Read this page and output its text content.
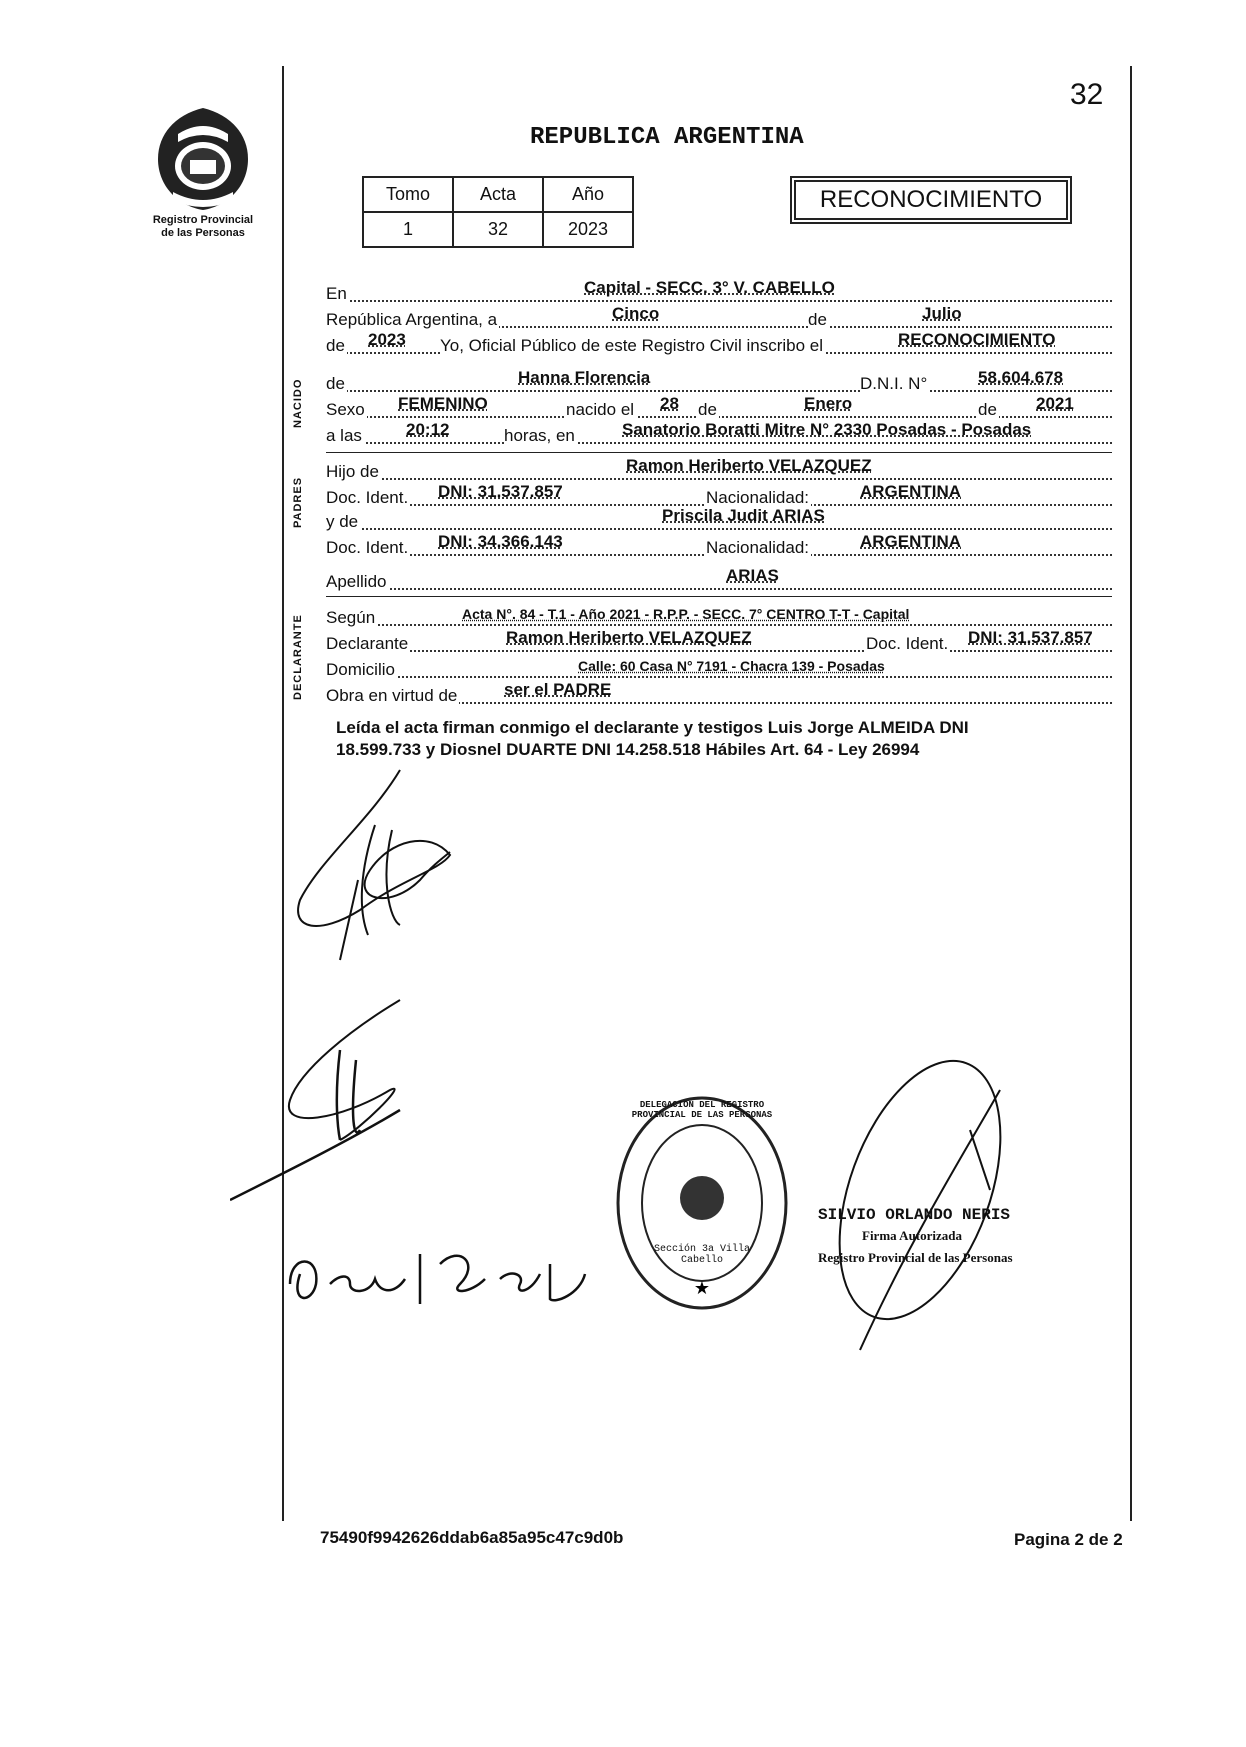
32
Registro Provincial
de las Personas
REPUBLICA ARGENTINA
Tomo	Acta	Año
1	32	2023
RECONOCIMIENTO
NACIDO
PADRES
DECLARANTE
En	Capital - SECC. 3° V. CABELLO
República Argentina, a	Cinco	de	Julio
de 2023 Yo, Oficial Público de este Registro Civil inscribo el	RECONOCIMIENTO
de	Hanna Florencia	D.N.I. N°	58.604.678
Sexo FEMENINO	nacido el 28 de	Enero	de 2021
a las	20:12	horas, en	Sanatorio Boratti Mitre N° 2330 Posadas - Posadas
Hijo de	Ramon Heriberto VELAZQUEZ
Doc. Ident. DNI: 31.537.857	Nacionalidad:	ARGENTINA
y de	Priscila Judit ARIAS
Doc. Ident. DNI: 34.366.143	Nacionalidad:	ARGENTINA
Apellido	ARIAS
Según	Acta N°. 84 - T.1 - Año 2021 - R.P.P. - SECC. 7° CENTRO T-T - Capital
Declarante	Ramon Heriberto VELAZQUEZ	Doc. Ident. DNI: 31.537.857
Domicilio	Calle: 60 Casa N° 7191 - Chacra 139 - Posadas
Obra en virtud de	ser el PADRE
Leída el acta firman conmigo el declarante y testigos Luis Jorge ALMEIDA DNI
18.599.733 y Diosnel DUARTE DNI 14.258.518 Hábiles Art. 64 - Ley 26994
★
DELEGACION DEL REGISTRO PROVINCIAL DE LAS PERSONAS
Sección 3a Villa Cabello
SILVIO ORLANDO NERIS
Firma Autorizada
Registro Provincial de las Personas
75490f9942626ddab6a85a95c47c9d0b	Pagina 2 de 2
